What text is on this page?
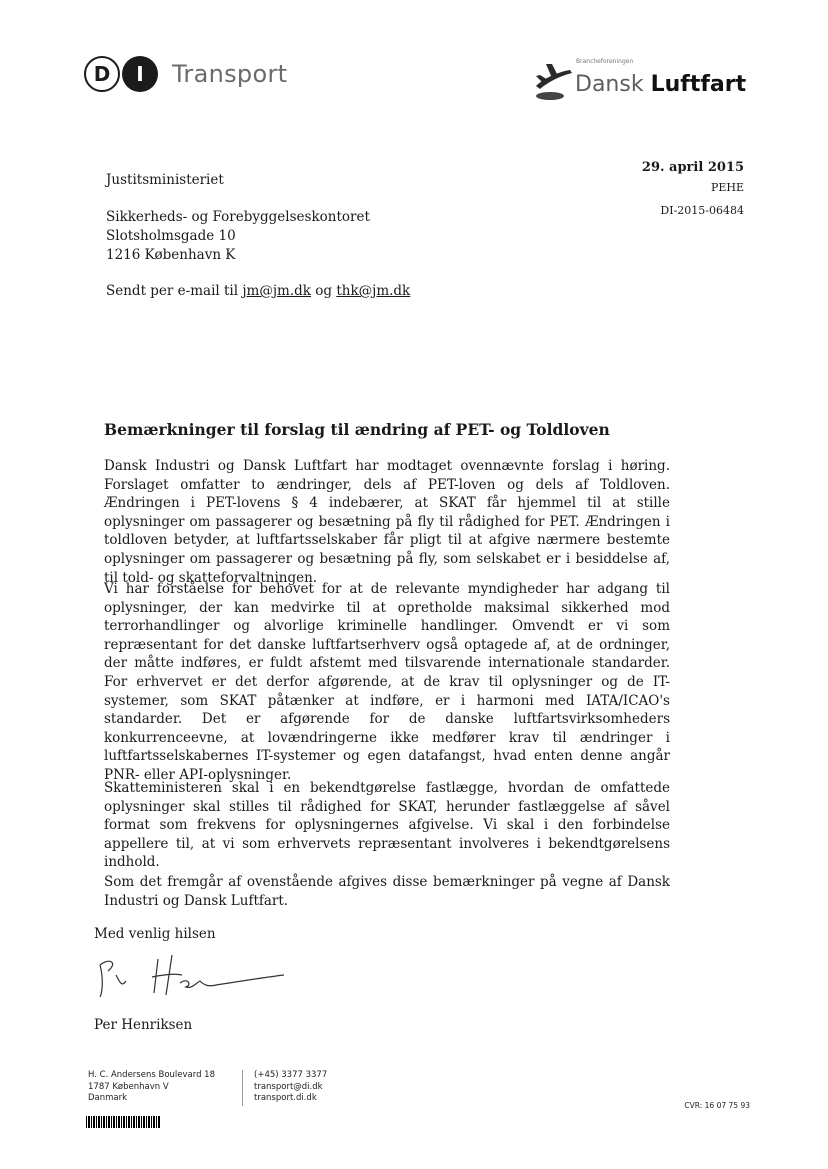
D	I	Transport	Brancheforeningen
Dansk Luftfart
Justitsministeriet
Sikkerheds- og Forebyggelseskontoret
Slotsholmsgade 10
1216 København K
Sendt per e-mail til jm@jm.dk og thk@jm.dk
29. april 2015
PEHE
DI-2015-06484
Bemærkninger til forslag til ændring af PET- og Toldloven
Dansk Industri og Dansk Luftfart har modtaget ovennævnte forslag i høring. Forslaget omfatter to ændringer, dels af PET-loven og dels af Toldloven. Ændringen i PET-lovens § 4 indebærer, at SKAT får hjemmel til at stille oplysninger om passagerer og besætning på fly til rådighed for PET. Ændringen i toldloven betyder, at luftfartsselskaber får pligt til at afgive nærmere bestemte oplysninger om passagerer og besætning på fly, som selskabet er i besiddelse af, til told- og skatteforvaltningen.
Vi har forståelse for behovet for at de relevante myndigheder har adgang til oplysninger, der kan medvirke til at opretholde maksimal sikkerhed mod terrorhandlinger og alvorlige kriminelle handlinger. Omvendt er vi som repræsentant for det danske luftfartserhverv også optagede af, at de ordninger, der måtte indføres, er fuldt afstemt med tilsvarende internationale standarder. For erhvervet er det derfor afgørende, at de krav til oplysninger og de IT-systemer, som SKAT påtænker at indføre, er i harmoni med IATA/ICAO's standarder. Det er afgørende for de danske luftfartsvirksomheders konkurrenceevne, at lovændringerne ikke medfører krav til ændringer i luftfartsselskabernes IT-systemer og egen datafangst, hvad enten denne angår PNR- eller API-oplysninger.
Skatteministeren skal i en bekendtgørelse fastlægge, hvordan de omfattede oplysninger skal stilles til rådighed for SKAT, herunder fastlæggelse af såvel format som frekvens for oplysningernes afgivelse. Vi skal i den forbindelse appellere til, at vi som erhvervets repræsentant involveres i bekendtgørelsens indhold.
Som det fremgår af ovenstående afgives disse bemærkninger på vegne af Dansk Industri og Dansk Luftfart.
Med venlig hilsen
Per Henriksen
H. C. Andersens Boulevard 18
1787 København V
Danmark
(+45) 3377 3377
transport@di.dk
transport.di.dk
CVR: 16 07 75 93
